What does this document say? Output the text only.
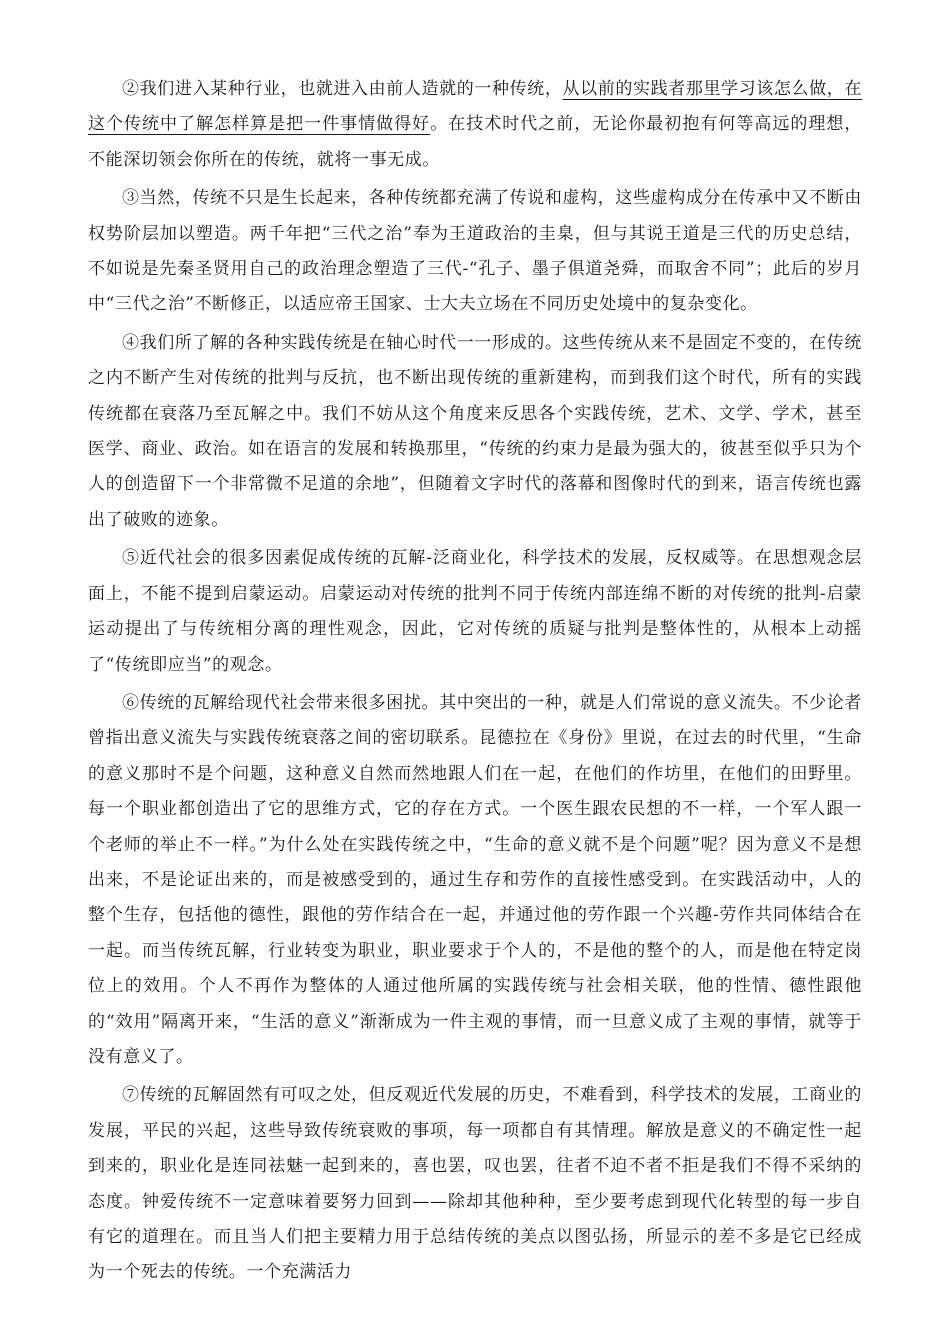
②我们进入某种行业，也就进入由前人造就的一种传统，从以前的实践者那里学习该怎么做，在这个传统中了解怎样算是把一件事情做得好。在技术时代之前，无论你最初抱有何等高远的理想，不能深切领会你所在的传统，就将一事无成。

③当然，传统不只是生长起来，各种传统都充满了传说和虚构，这些虚构成分在传承中又不断由权势阶层加以塑造。两千年把“三代之治”奉为王道政治的圭臬，但与其说王道是三代的历史总结，不如说是先秦圣贤用自己的政治理念塑造了三代-“孔子、墨子俱道尧舜，而取舍不同”；此后的岁月中“三代之治”不断修正，以适应帝王国家、士大夫立场在不同历史处境中的复杂变化。

④我们所了解的各种实践传统是在轴心时代一一形成的。这些传统从来不是固定不变的，在传统之内不断产生对传统的批判与反抗，也不断出现传统的重新建构，而到我们这个时代，所有的实践传统都在衰落乃至瓦解之中。我们不妨从这个角度来反思各个实践传统，艺术、文学、学术，甚至医学、商业、政治。如在语言的发展和转换那里，“传统的约束力是最为强大的，彼甚至似乎只为个人的创造留下一个非常微不足道的余地”，但随着文字时代的落幕和图像时代的到来，语言传统也露出了破败的迹象。

⑤近代社会的很多因素促成传统的瓦解-泛商业化，科学技术的发展，反权威等。在思想观念层面上，不能不提到启蒙运动。启蒙运动对传统的批判不同于传统内部连绵不断的对传统的批判-启蒙运动提出了与传统相分离的理性观念，因此，它对传统的质疑与批判是整体性的，从根本上动摇了“传统即应当”的观念。

⑥传统的瓦解给现代社会带来很多困扰。其中突出的一种，就是人们常说的意义流失。不少论者曾指出意义流失与实践传统衰落之间的密切联系。昆德拉在《身份》里说，在过去的时代里，“生命的意义那时不是个问题，这种意义自然而然地跟人们在一起，在他们的作坊里，在他们的田野里。每一个职业都创造出了它的思维方式，它的存在方式。一个医生跟农民想的不一样，一个军人跟一个老师的举止不一样。”为什么处在实践传统之中，“生命的意义就不是个问题”呢？因为意义不是想出来，不是论证出来的，而是被感受到的，通过生存和劳作的直接性感受到。在实践活动中，人的整个生存，包括他的德性，跟他的劳作结合在一起，并通过他的劳作跟一个兴趣-劳作共同体结合在一起。而当传统瓦解，行业转变为职业，职业要求于个人的，不是他的整个的人，而是他在特定岗位上的效用。个人不再作为整体的人通过他所属的实践传统与社会相关联，他的性情、德性跟他的“效用”隔离开来，“生活的意义”渐渐成为一件主观的事情，而一旦意义成了主观的事情，就等于没有意义了。

⑦传统的瓦解固然有可叹之处，但反观近代发展的历史，不难看到，科学技术的发展，工商业的发展，平民的兴起，这些导致传统衰败的事项，每一项都自有其情理。解放是意义的不确定性一起到来的，职业化是连同祛魅一起到来的，喜也罢，叹也罢，往者不迫不者不拒是我们不得不采纳的态度。钟爱传统不一定意味着要努力回到——除却其他种种，至少要考虑到现代化转型的每一步自有它的道理在。而且当人们把主要精力用于总结传统的美点以图弘扬，所显示的差不多是它已经成为一个死去的传统。一个充满活力
